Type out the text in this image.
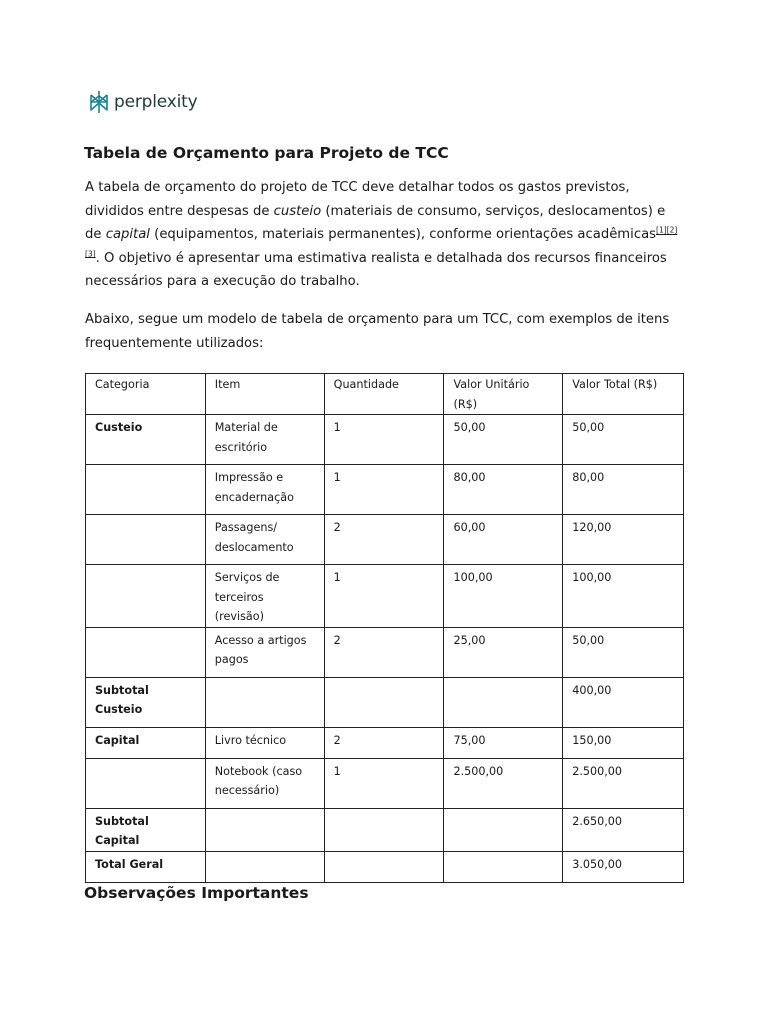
perplexity
Tabela de Orçamento para Projeto de TCC

A tabela de orçamento do projeto de TCC deve detalhar todos os gastos previstos, divididos entre despesas de custeio (materiais de consumo, serviços, deslocamentos) e de capital (equipamentos, materiais permanentes), conforme orientações acadêmicas[1][2][3]. O objetivo é apresentar uma estimativa realista e detalhada dos recursos financeiros necessários para a execução do trabalho.

Abaixo, segue um modelo de tabela de orçamento para um TCC, com exemplos de itens frequentemente utilizados:

Categoria	Item	Quantidade	Valor Unitário (R$)	Valor Total (R$)
Custeio	Material de escritório	1	50,00	50,00
	Impressão e encadernação	1	80,00	80,00
	Passagens/ deslocamento	2	60,00	120,00
	Serviços de terceiros (revisão)	1	100,00	100,00
	Acesso a artigos pagos	2	25,00	50,00
Subtotal Custeio				400,00
Capital	Livro técnico	2	75,00	150,00
	Notebook (caso necessário)	1	2.500,00	2.500,00
Subtotal Capital				2.650,00
Total Geral				3.050,00
Observações Importantes
